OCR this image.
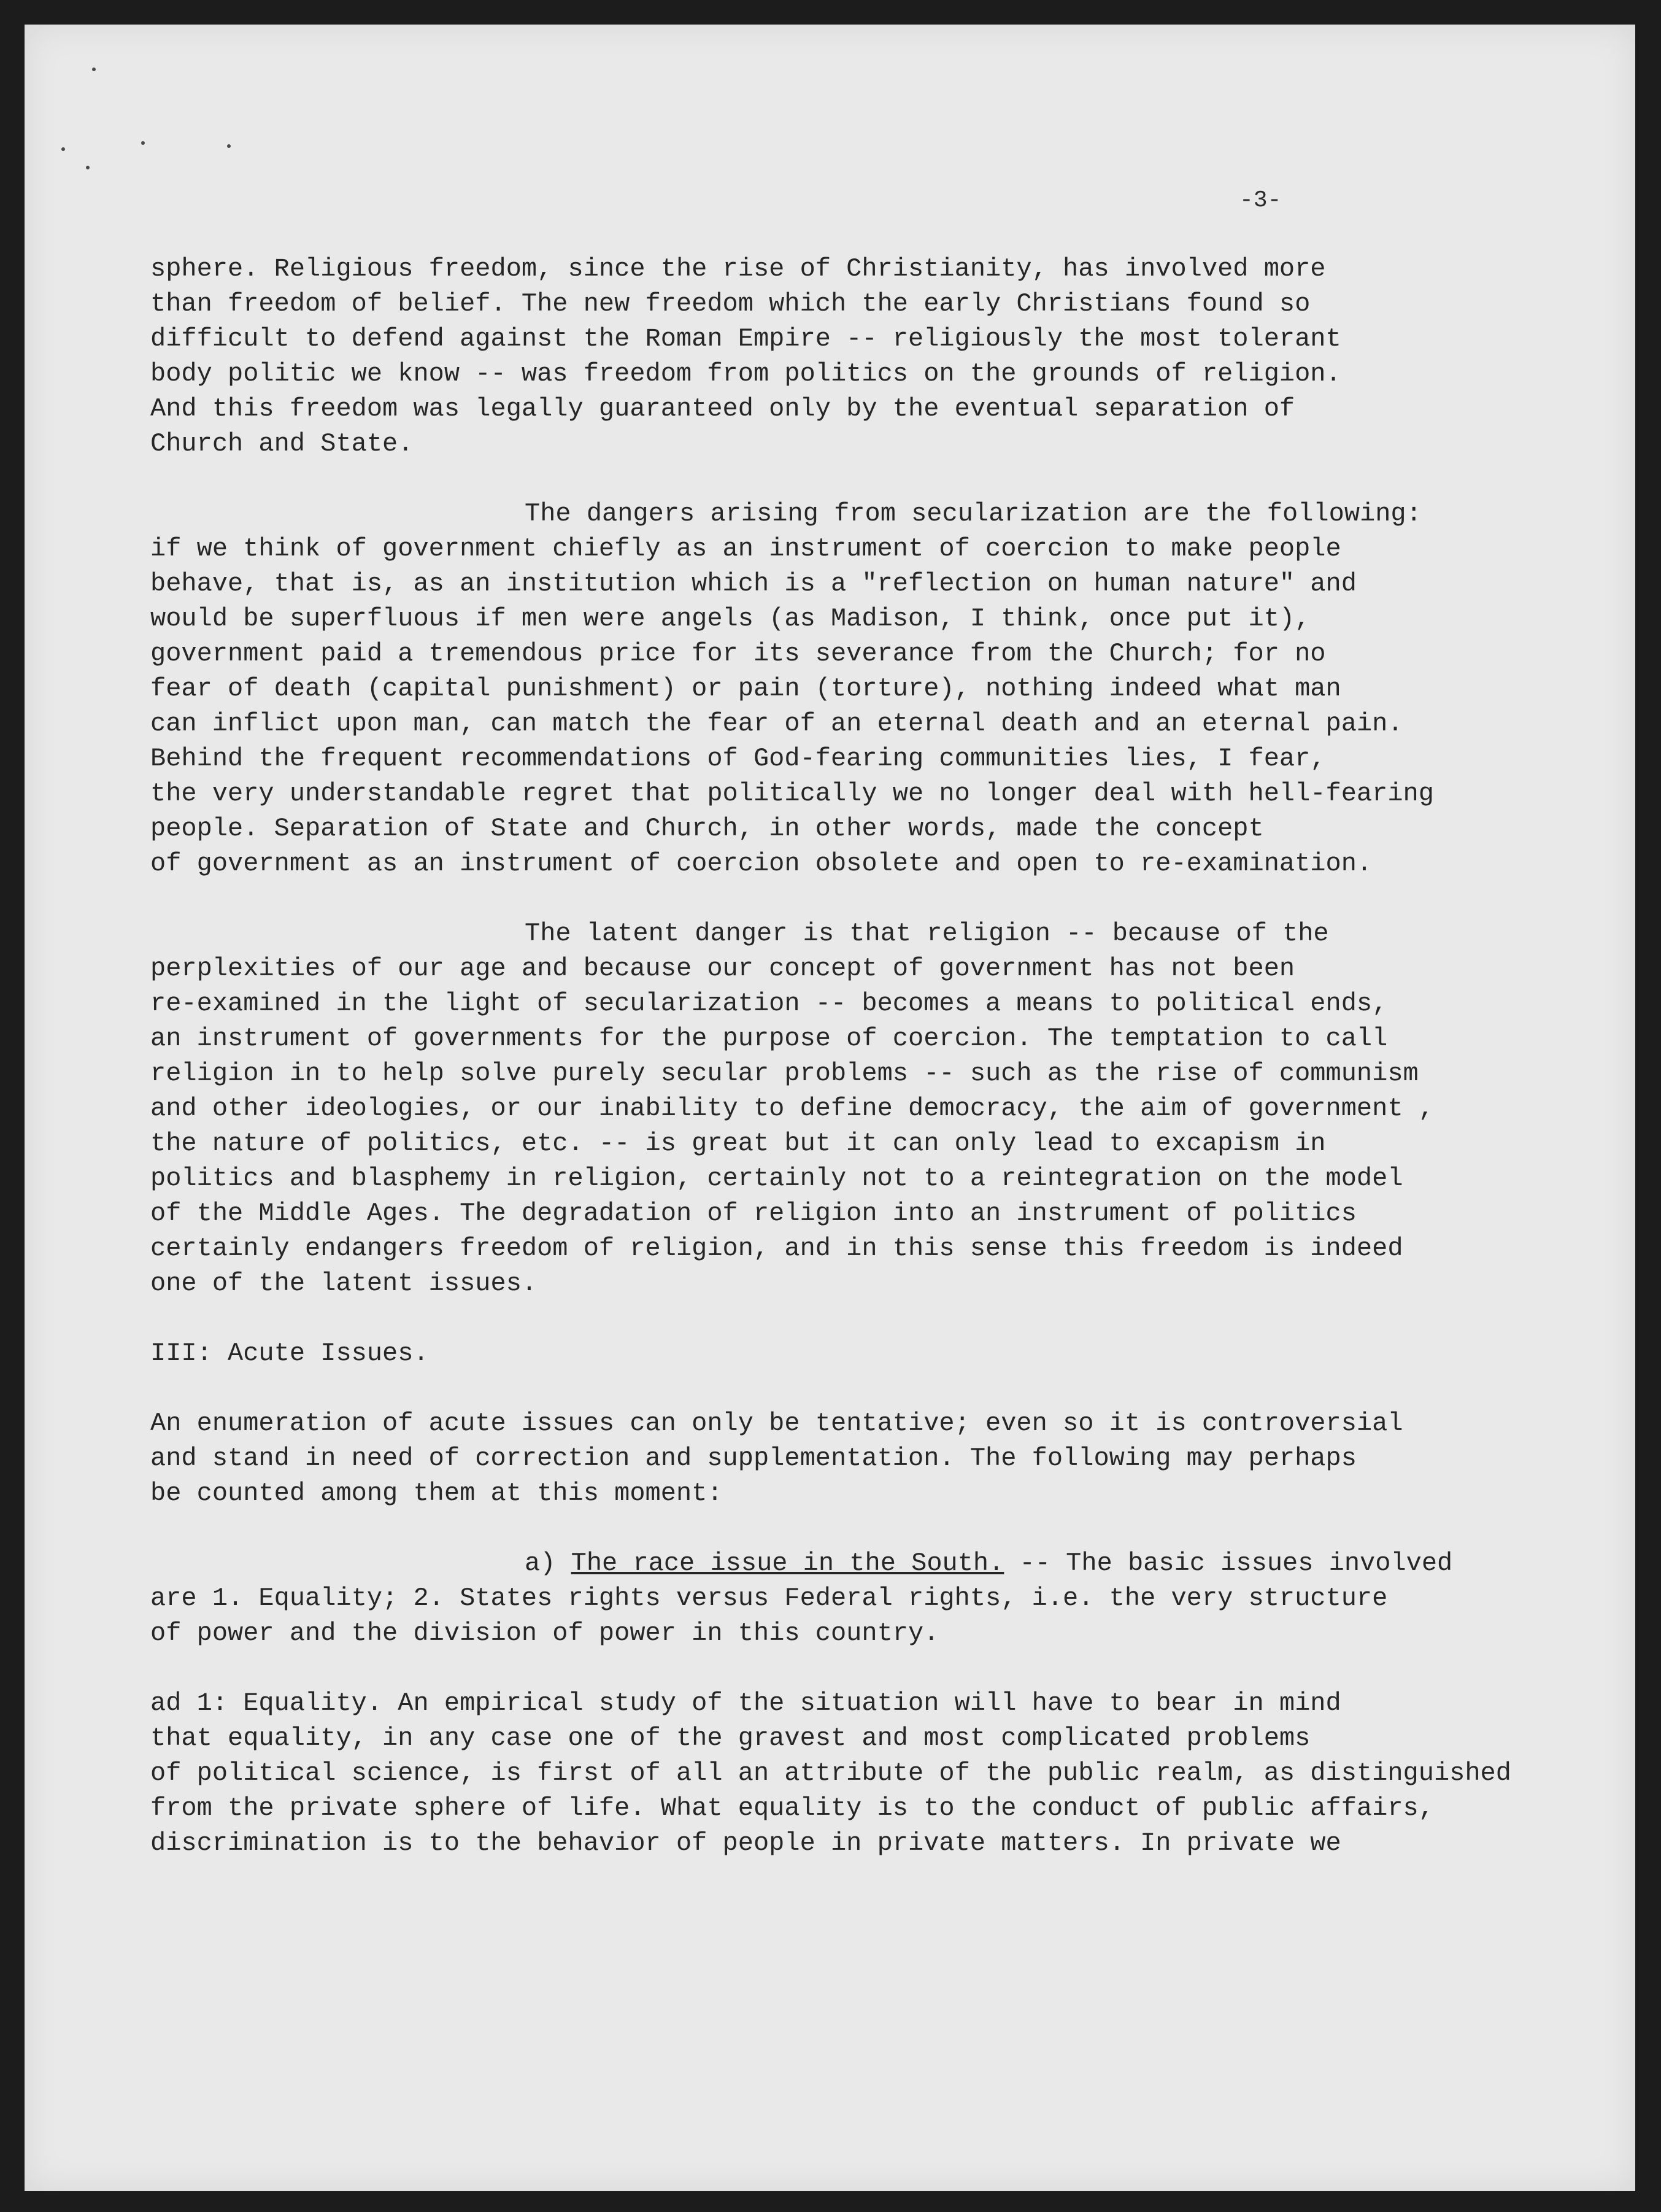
-3-

sphere. Religious freedom, since the rise of Christianity, has involved more
than freedom of belief. The new freedom which the early Christians found so
difficult to defend against the Roman Empire -- religiously the most tolerant
body politic we know -- was freedom from politics on the grounds of religion.
And this freedom was legally guaranteed only by the eventual separation of
Church and State.
The dangers arising from secularization are the following:
if we think of government chiefly as an instrument of coercion to make people
behave, that is, as an institution which is a "reflection on human nature" and
would be superfluous if men were angels (as Madison, I think, once put it),
government paid a tremendous price for its severance from the Church; for no
fear of death (capital punishment) or pain (torture), nothing indeed what man
can inflict upon man, can match the fear of an eternal death and an eternal pain.
Behind the frequent recommendations of God-fearing communities lies, I fear,
the very understandable regret that politically we no longer deal with hell-fearing
people. Separation of State and Church, in other words, made the concept
of government as an instrument of coercion obsolete and open to re-examination.
The latent danger is that religion -- because of the
perplexities of our age and because our concept of government has not been
re-examined in the light of secularization -- becomes a means to political ends,
an instrument of governments for the purpose of coercion. The temptation to call
religion in to help solve purely secular problems -- such as the rise of communism
and other ideologies, or our inability to define democracy, the aim of government ,
the nature of politics, etc. -- is great but it can only lead to excapism in
politics and blasphemy in religion, certainly not to a reintegration on the model
of the Middle Ages. The degradation of religion into an instrument of politics
certainly endangers freedom of religion, and in this sense this freedom is indeed
one of the latent issues.
III: Acute Issues.
An enumeration of acute issues can only be tentative; even so it is controversial
and stand in need of correction and supplementation. The following may perhaps
be counted among them at this moment:
a) The race issue in the South. -- The basic issues involved
are 1. Equality; 2. States rights versus Federal rights, i.e. the very structure
of power and the division of power in this country.
ad 1: Equality. An empirical study of the situation will have to bear in mind
that equality, in any case one of the gravest and most complicated problems
of political science, is first of all an attribute of the public realm, as distinguished
from the private sphere of life. What equality is to the conduct of public affairs,
discrimination is to the behavior of people in private matters. In private we
